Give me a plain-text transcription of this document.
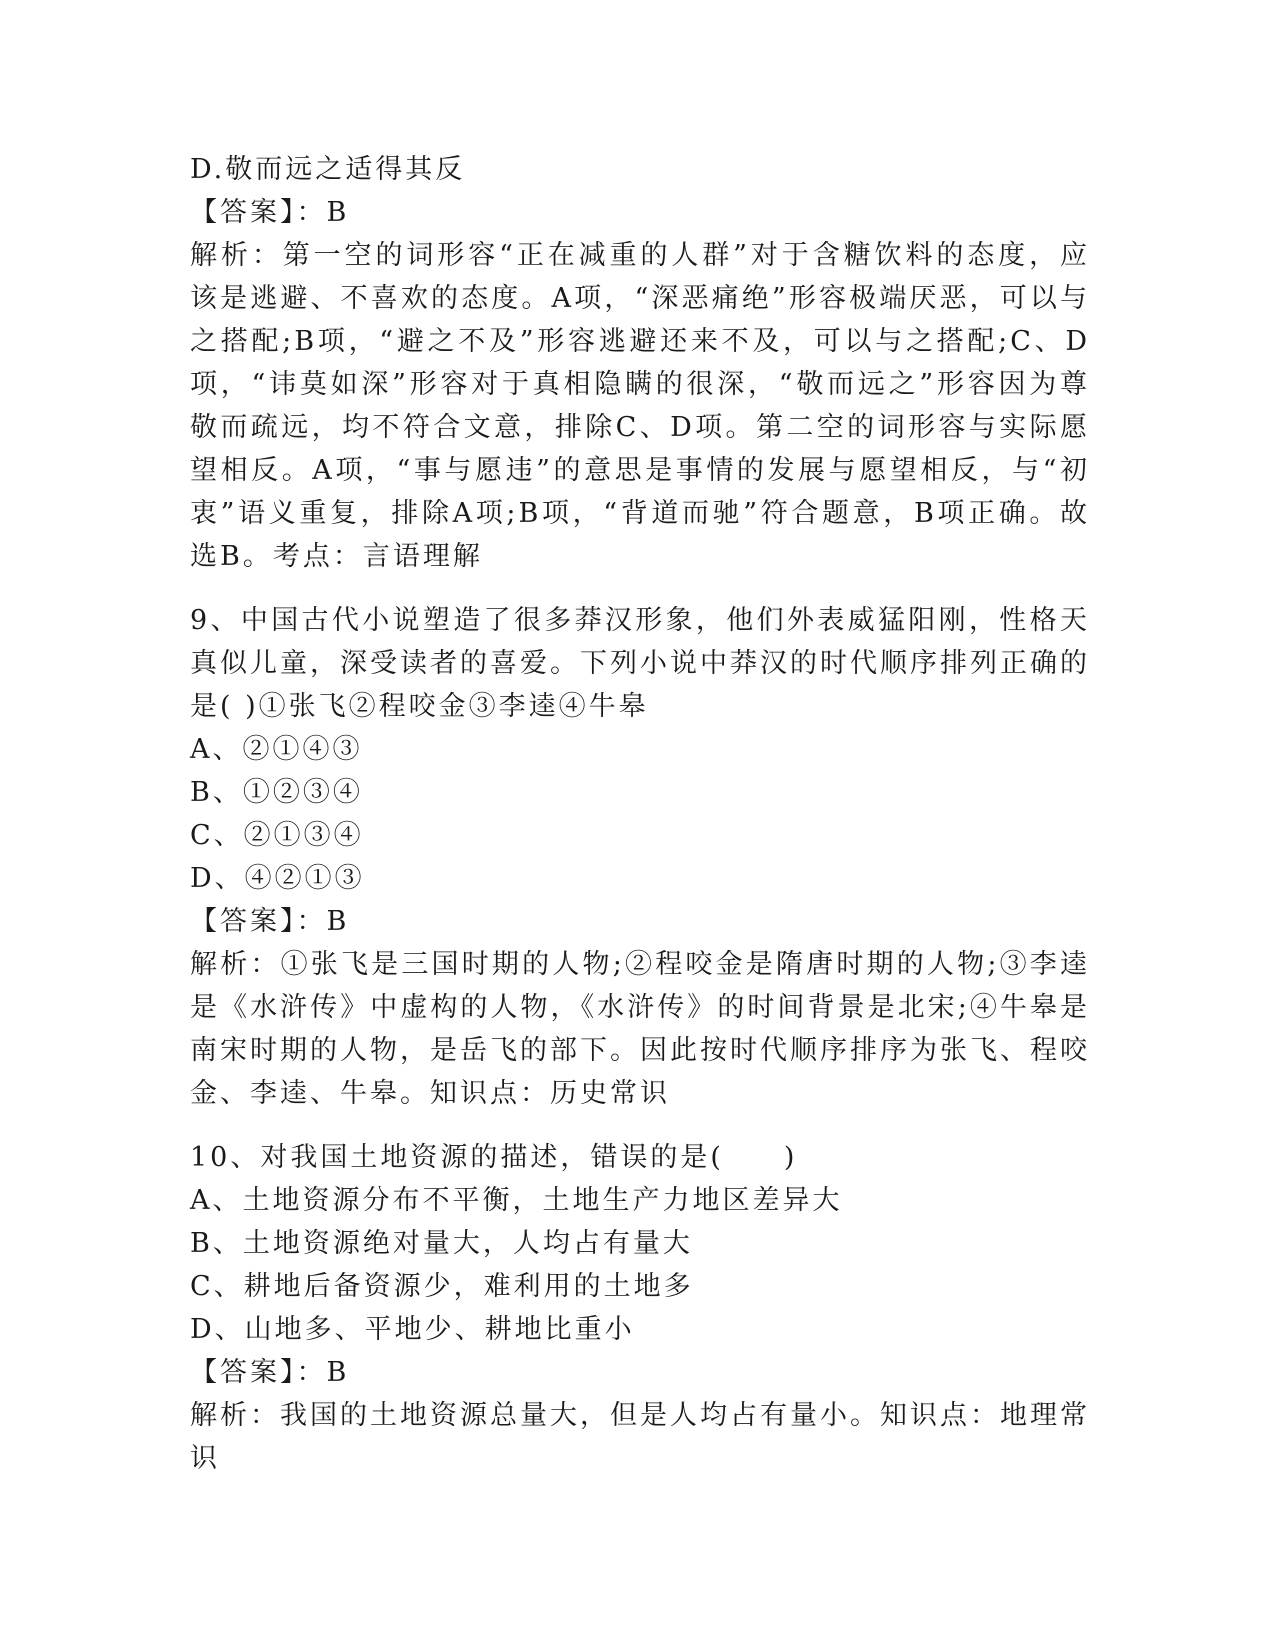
D.敬而远之适得其反
【答案】：B
解析：第一空的词形容“正在减重的人群”对于含糖饮料的态度，应该是逃避、不喜欢的态度。A项，“深恶痛绝”形容极端厌恶，可以与之搭配;B项，“避之不及”形容逃避还来不及，可以与之搭配;C、D项，“讳莫如深”形容对于真相隐瞒的很深，“敬而远之”形容因为尊敬而疏远，均不符合文意，排除C、D项。第二空的词形容与实际愿望相反。A项，“事与愿违”的意思是事情的发展与愿望相反，与“初衷”语义重复，排除A项;B项，“背道而驰”符合题意，B项正确。故选B。考点：言语理解
9、中国古代小说塑造了很多莽汉形象，他们外表威猛阳刚，性格天真似儿童，深受读者的喜爱。下列小说中莽汉的时代顺序排列正确的是( )①张飞②程咬金③李逵④牛皋
A、②①④③
B、①②③④
C、②①③④
D、④②①③
【答案】：B
解析：①张飞是三国时期的人物;②程咬金是隋唐时期的人物;③李逵是《水浒传》中虚构的人物，《水浒传》的时间背景是北宋;④牛皋是南宋时期的人物，是岳飞的部下。因此按时代顺序排序为张飞、程咬金、李逵、牛皋。知识点：历史常识
10、对我国土地资源的描述，错误的是(　　)
A、土地资源分布不平衡，土地生产力地区差异大
B、土地资源绝对量大，人均占有量大
C、耕地后备资源少，难利用的土地多
D、山地多、平地少、耕地比重小
【答案】：B
解析：我国的土地资源总量大，但是人均占有量小。知识点：地理常识
